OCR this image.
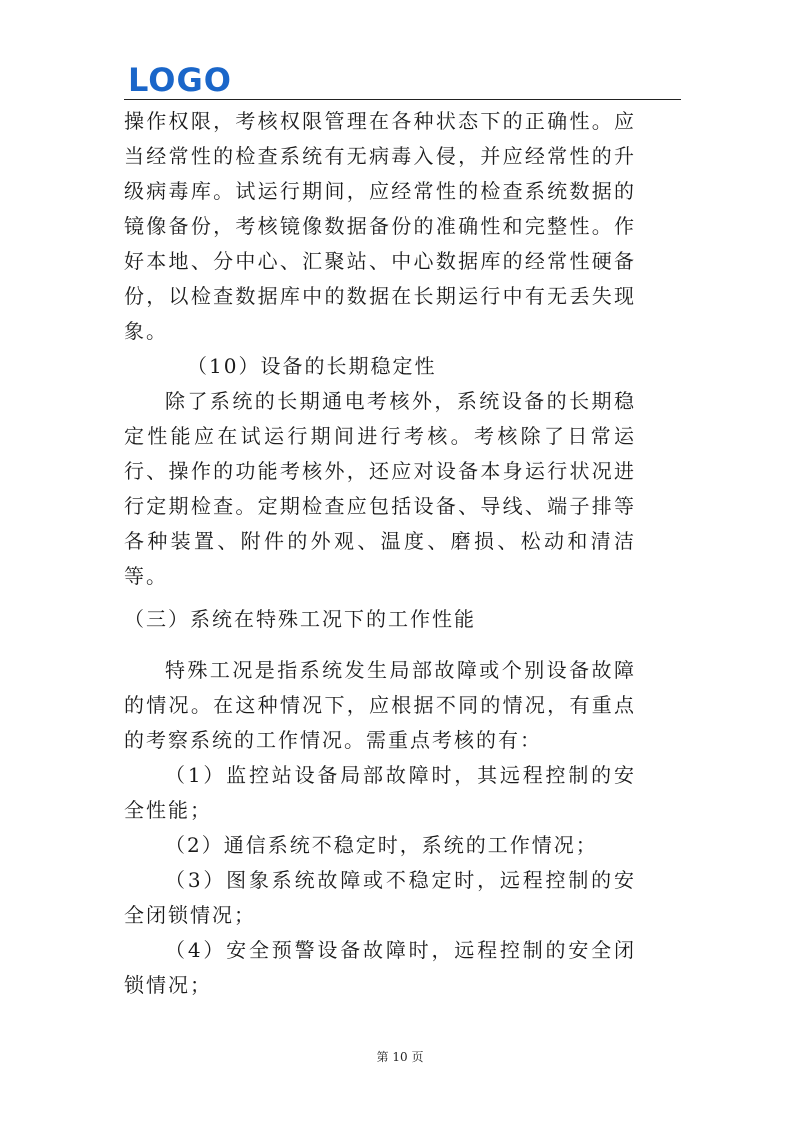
LOGO

操作权限，考核权限管理在各种状态下的正确性。应当经常性的检查系统有无病毒入侵，并应经常性的升级病毒库。试运行期间，应经常性的检查系统数据的镜像备份，考核镜像数据备份的准确性和完整性。作好本地、分中心、汇聚站、中心数据库的经常性硬备份，以检查数据库中的数据在长期运行中有无丢失现象。

（10）设备的长期稳定性

除了系统的长期通电考核外，系统设备的长期稳定性能应在试运行期间进行考核。考核除了日常运行、操作的功能考核外，还应对设备本身运行状况进行定期检查。定期检查应包括设备、导线、端子排等各种装置、附件的外观、温度、磨损、松动和清洁等。

（三）系统在特殊工况下的工作性能

特殊工况是指系统发生局部故障或个别设备故障的情况。在这种情况下，应根据不同的情况，有重点的考察系统的工作情况。需重点考核的有：

（1）监控站设备局部故障时，其远程控制的安全性能；

（2）通信系统不稳定时，系统的工作情况；

（3）图象系统故障或不稳定时，远程控制的安全闭锁情况；

（4）安全预警设备故障时，远程控制的安全闭锁情况；

第 10 页
